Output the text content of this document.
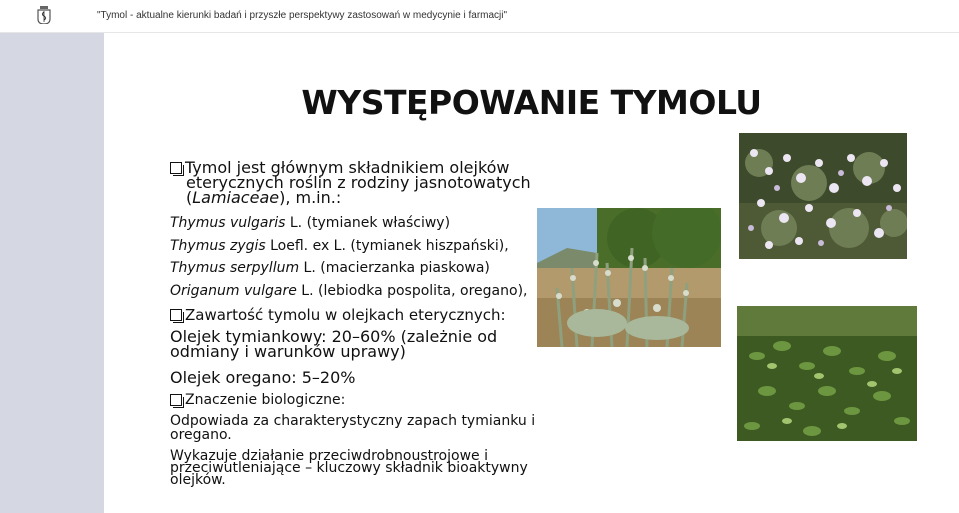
"Tymol - aktualne kierunki badań i przyszłe perspektywy zastosowań w medycynie i farmacji"
WYSTĘPOWANIE TYMOLU
Tymol jest głównym składnikiem olejków
eterycznych roślin z rodziny jasnotowatych
(Lamiaceae), m.in.:
Thymus vulgaris L. (tymianek właściwy)
Thymus zygis Loefl. ex L. (tymianek hiszpański),
Thymus serpyllum L. (macierzanka piaskowa)
Origanum vulgare L. (lebiodka pospolita, oregano),
Zawartość tymolu w olejkach eterycznych:
Olejek tymiankowy: 20–60% (zależnie od
odmiany i warunków uprawy)
Olejek oregano: 5–20%
Znaczenie biologiczne:
Odpowiada za charakterystyczny zapach tymianku i
oregano.
Wykazuje działanie przeciwdrobnoustrojowe i
przeciwutleniające – kluczowy składnik bioaktywny
olejków.
